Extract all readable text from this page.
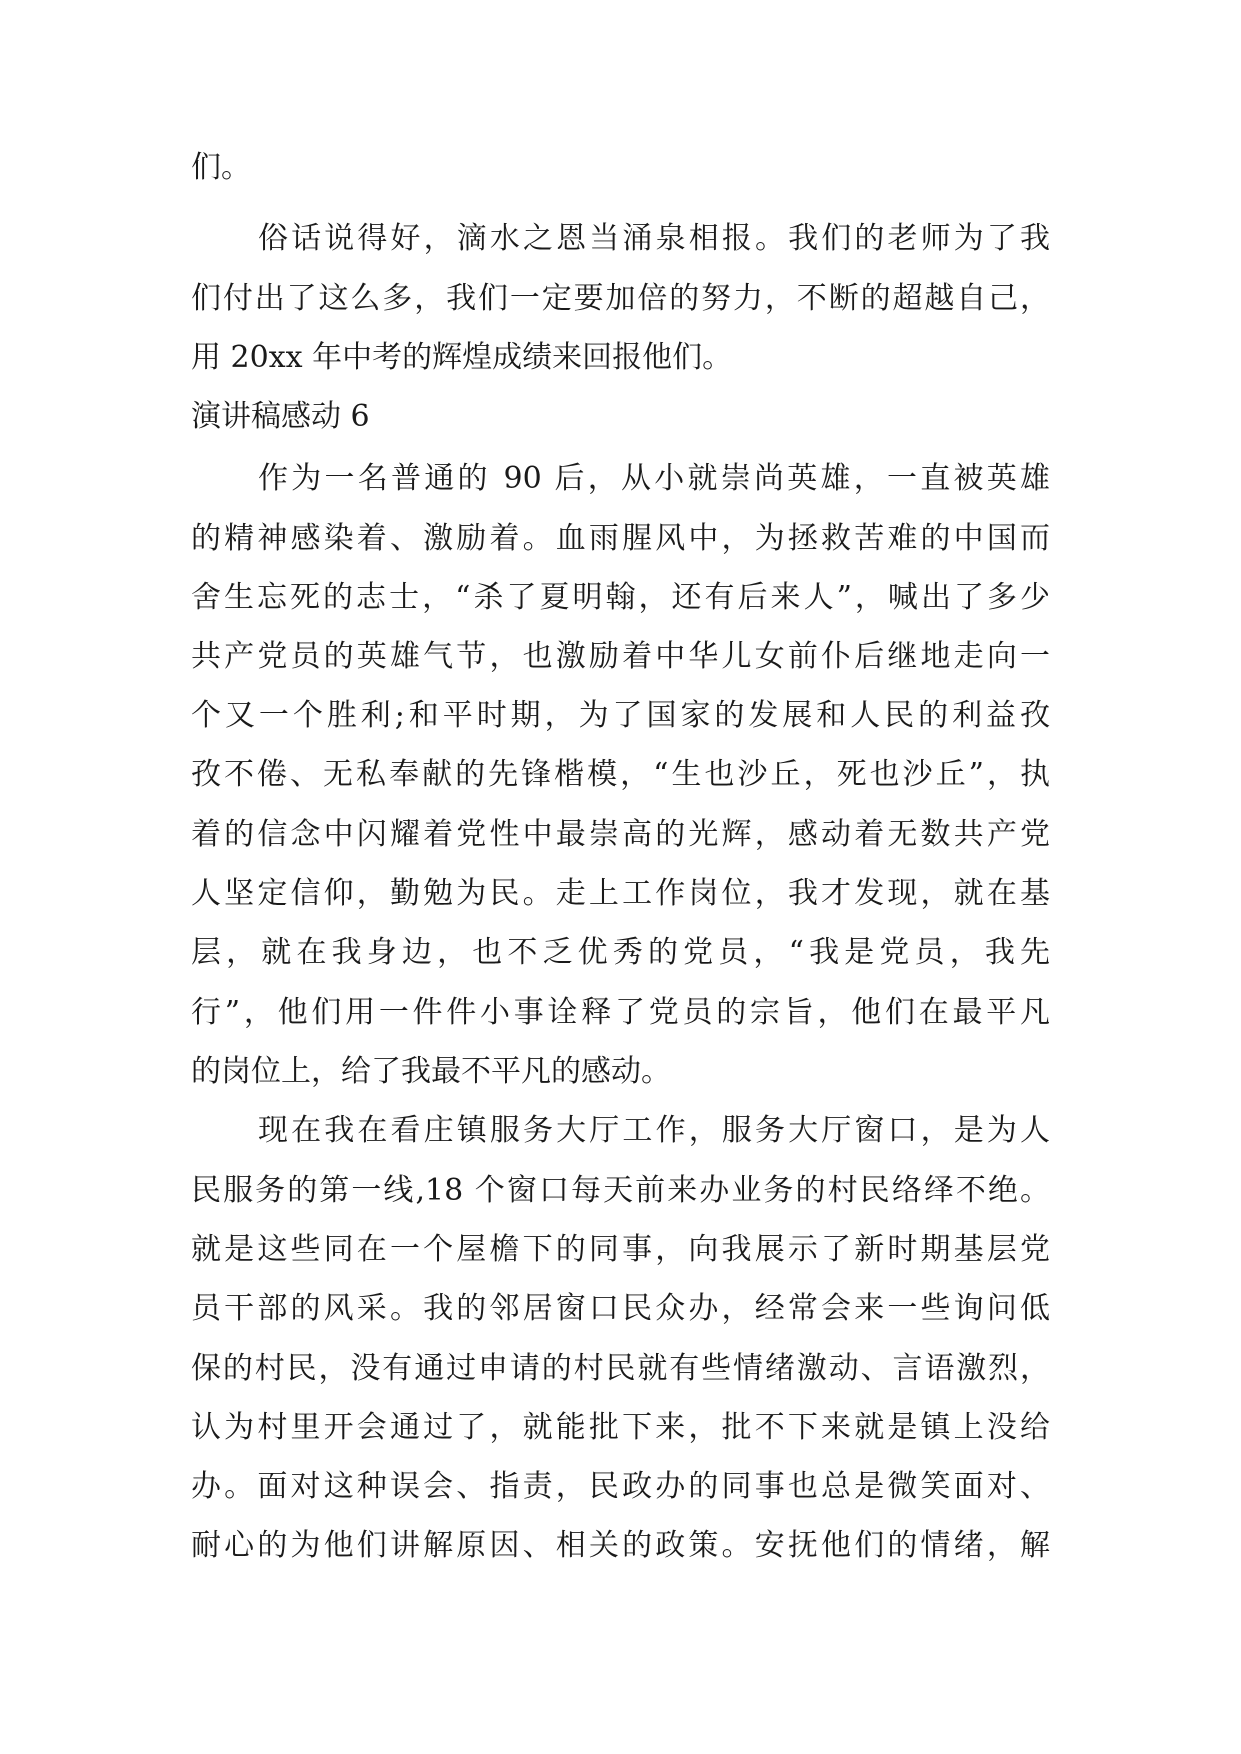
们。
俗话说得好，滴水之恩当涌泉相报。我们的老师为了我
们付出了这么多，我们一定要加倍的努力，不断的超越自己，
用 20xx 年中考的辉煌成绩来回报他们。
演讲稿感动 6
作为一名普通的 90 后，从小就崇尚英雄，一直被英雄
的精神感染着、激励着。血雨腥风中，为拯救苦难的中国而
舍生忘死的志士，“杀了夏明翰，还有后来人”，喊出了多少
共产党员的英雄气节，也激励着中华儿女前仆后继地走向一
个又一个胜利;和平时期，为了国家的发展和人民的利益孜
孜不倦、无私奉献的先锋楷模，“生也沙丘，死也沙丘”，执
着的信念中闪耀着党性中最崇高的光辉，感动着无数共产党
人坚定信仰，勤勉为民。走上工作岗位，我才发现，就在基
层，就在我身边，也不乏优秀的党员，“我是党员，我先
行”，他们用一件件小事诠释了党员的宗旨，他们在最平凡
的岗位上，给了我最不平凡的感动。
现在我在看庄镇服务大厅工作，服务大厅窗口，是为人
民服务的第一线,18 个窗口每天前来办业务的村民络绎不绝。
就是这些同在一个屋檐下的同事，向我展示了新时期基层党
员干部的风采。我的邻居窗口民众办，经常会来一些询问低
保的村民，没有通过申请的村民就有些情绪激动、言语激烈，
认为村里开会通过了，就能批下来，批不下来就是镇上没给
办。面对这种误会、指责，民政办的同事也总是微笑面对、
耐心的为他们讲解原因、相关的政策。安抚他们的情绪，解
